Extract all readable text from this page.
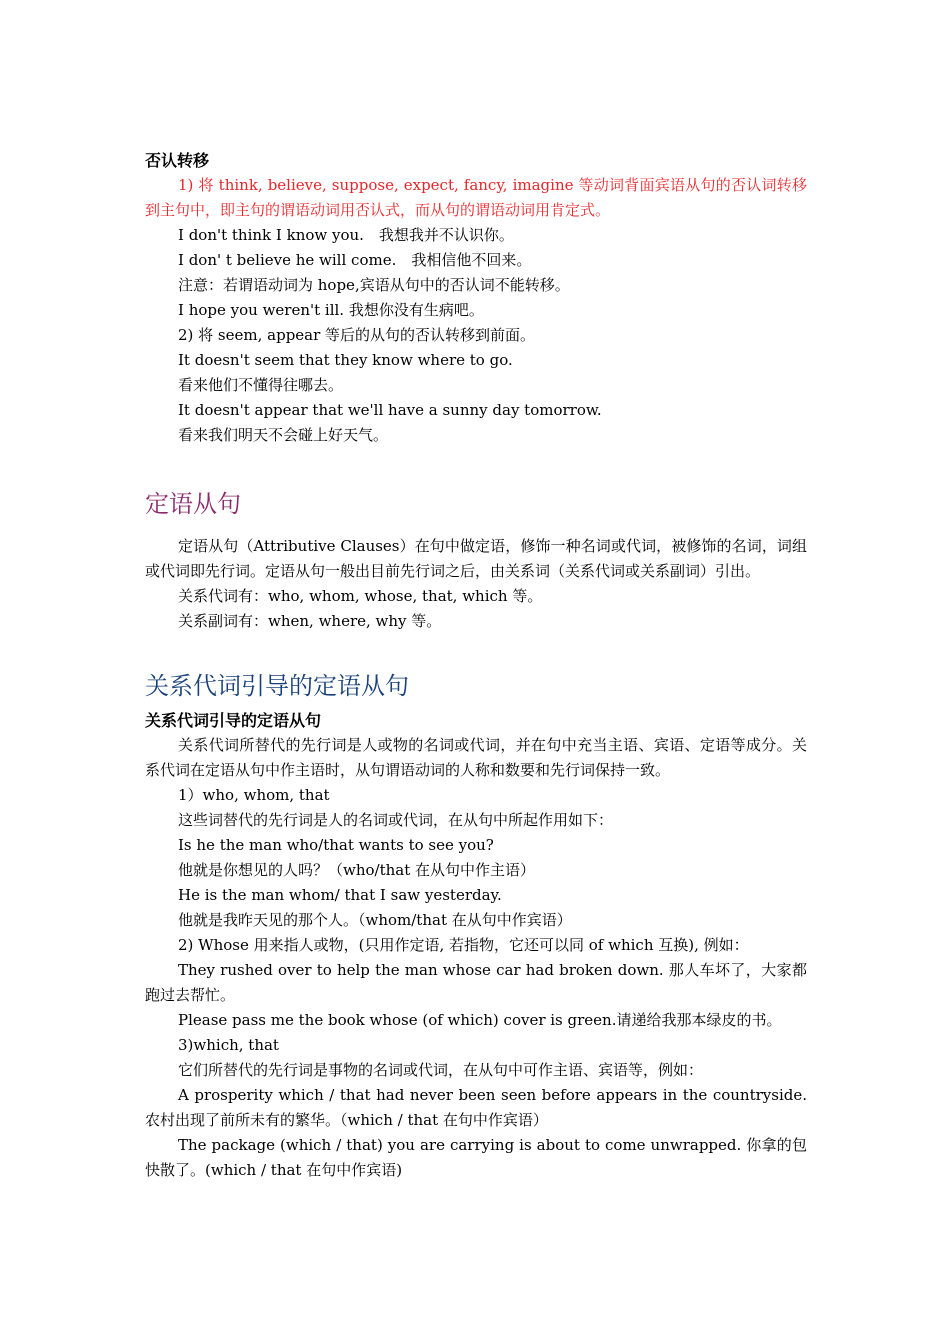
否认转移

1) 将 think, believe, suppose, expect, fancy, imagine 等动词背面宾语从句的否认词转移到主句中，即主句的谓语动词用否认式，而从句的谓语动词用肯定式。

I don't think I know you.　我想我并不认识你。

I don' t believe he will come.　我相信他不回来。

注意：若谓语动词为 hope,宾语从句中的否认词不能转移。

I hope you weren't ill. 我想你没有生病吧。

2) 将 seem, appear 等后的从句的否认转移到前面。

It doesn't seem that they know where to go.

看来他们不懂得往哪去。

It doesn't appear that we'll have a sunny day tomorrow.

看来我们明天不会碰上好天气。

定语从句

定语从句（Attributive Clauses）在句中做定语，修饰一种名词或代词，被修饰的名词，词组或代词即先行词。定语从句一般出目前先行词之后，由关系词（关系代词或关系副词）引出。

关系代词有：who, whom, whose, that, which 等。

关系副词有：when, where, why 等。

关系代词引导的定语从句
关系代词引导的定语从句

关系代词所替代的先行词是人或物的名词或代词，并在句中充当主语、宾语、定语等成分。关系代词在定语从句中作主语时，从句谓语动词的人称和数要和先行词保持一致。

1）who, whom, that

这些词替代的先行词是人的名词或代词，在从句中所起作用如下：

Is he the man who/that wants to see you?

他就是你想见的人吗？（who/that 在从句中作主语）

He is the man whom/ that I saw yesterday.

他就是我昨天见的那个人。（whom/that 在从句中作宾语）

2) Whose 用来指人或物，(只用作定语, 若指物，它还可以同 of which 互换), 例如：

They rushed over to help the man whose car had broken down. 那人车坏了，大家都跑过去帮忙。

Please pass me the book whose (of which) cover is green.请递给我那本绿皮的书。

3)which, that

它们所替代的先行词是事物的名词或代词，在从句中可作主语、宾语等，例如：

A prosperity which / that had never been seen before appears in the countryside. 农村出现了前所未有的繁华。（which / that 在句中作宾语）

The package (which / that) you are carrying is about to come unwrapped. 你拿的包快散了。(which / that 在句中作宾语)
